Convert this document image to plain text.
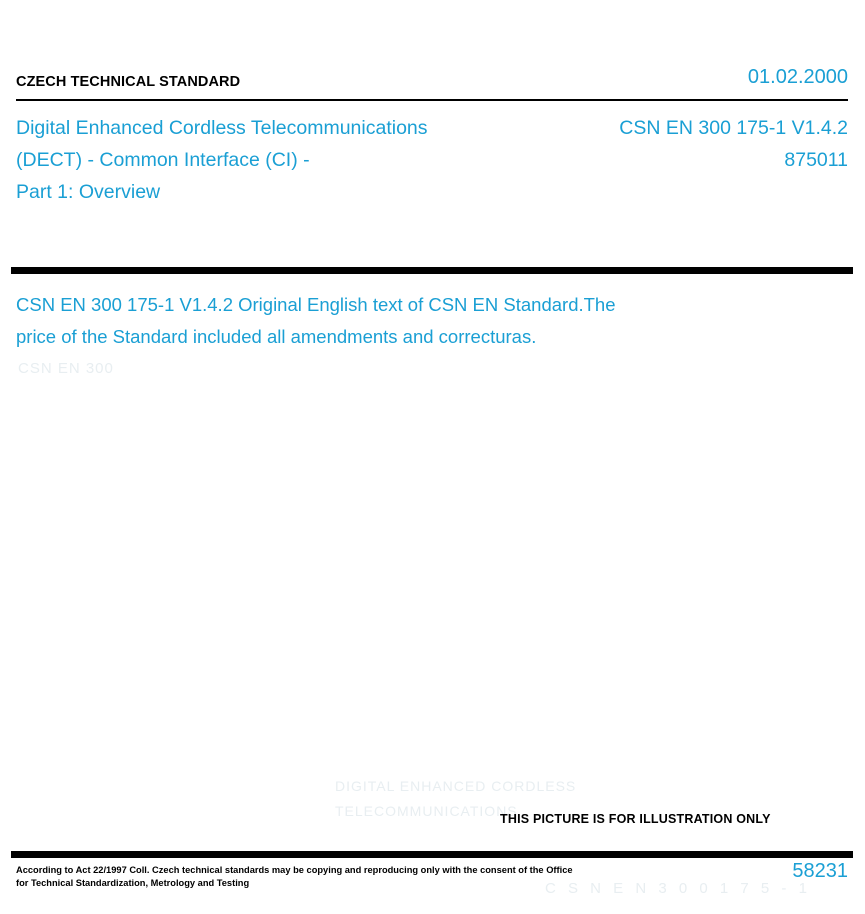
CZECH TECHNICAL STANDARD	01.02.2000
Digital Enhanced Cordless Telecommunications
(DECT) - Common Interface (CI) -
Part 1: Overview
CSN EN 300 175-1 V1.4.2
875011
CSN EN 300 175-1 V1.4.2 Original English text of CSN EN Standard.The
price of the Standard included all amendments and correcturas.
CSN EN 300
DIGITAL ENHANCED CORDLESS
TELECOMMUNICATIONS
C S N E N 3 0 0 1 7 5 - 1
THIS PICTURE IS FOR ILLUSTRATION ONLY
According to Act 22/1997 Coll. Czech technical standards may be copying and reproducing only with the consent of the Office
for Technical Standardization, Metrology and Testing
58231
